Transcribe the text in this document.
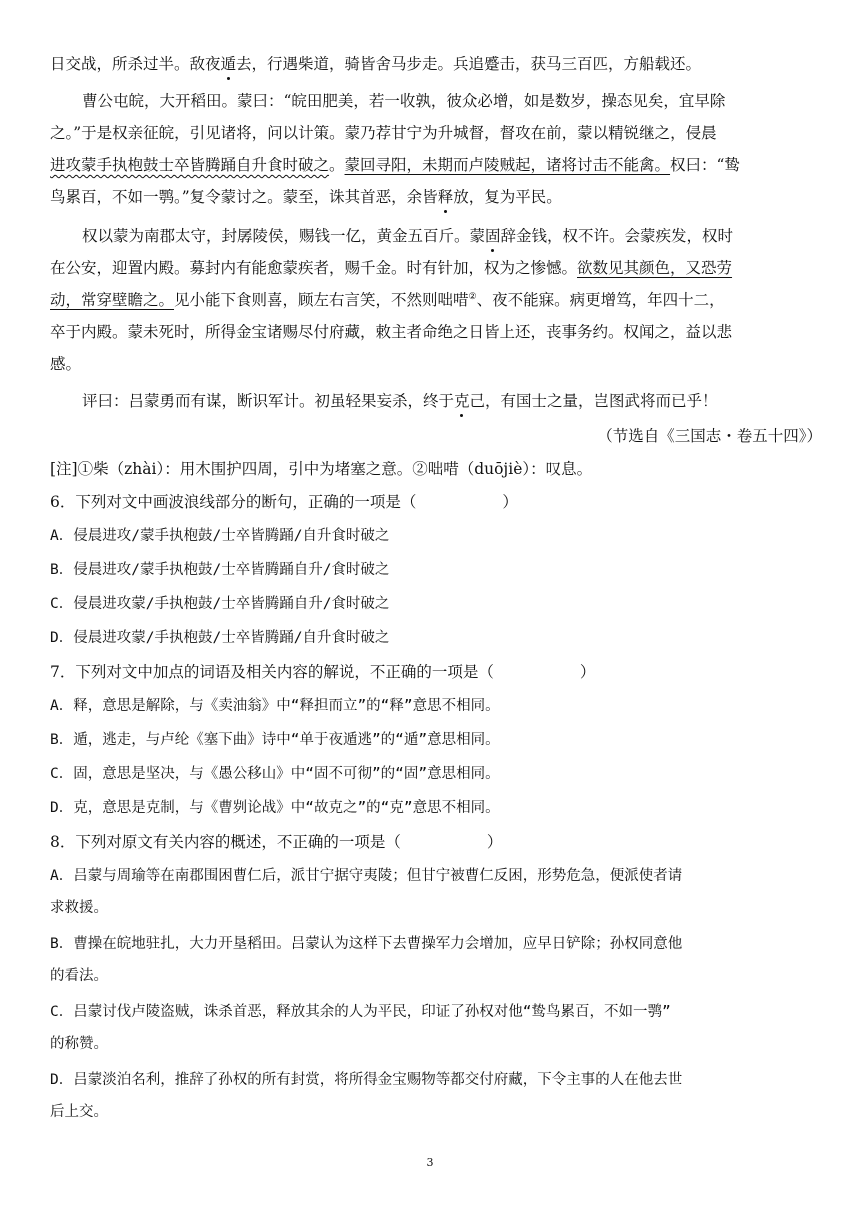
日交战，所杀过半。敌夜遁去，行遇柴道，骑皆舍马步走。兵追蹙击，获马三百匹，方船载还。
曹公屯皖，大开稻田。蒙曰：“皖田肥美，若一收孰，彼众必增，如是数岁，操态见矣，宜早除
之。”于是权亲征皖，引见诸将，问以计策。蒙乃荐甘宁为升城督，督攻在前，蒙以精锐继之，侵晨
进攻蒙手执枹鼓士卒皆腾踊自升食时破之。蒙回寻阳，未期而卢陵贼起，诸将讨击不能禽。权曰：“鸷
鸟累百，不如一鹗。”复令蒙讨之。蒙至，诛其首恶，余皆释放，复为平民。
权以蒙为南郡太守，封孱陵侯，赐钱一亿，黄金五百斤。蒙固辞金钱，权不许。会蒙疾发，权时
在公安，迎置内殿。募封内有能愈蒙疾者，赐千金。时有针加，权为之惨憾。欲数见其颜色，又恐劳
动，常穿壁瞻之。见小能下食则喜，顾左右言笑，不然则咄唶②、夜不能寐。病更增笃，年四十二，
卒于内殿。蒙未死时，所得金宝诸赐尽付府藏，敕主者命绝之日皆上还，丧事务约。权闻之，益以悲
感。
评曰：吕蒙勇而有谋，断识军计。初虽轻果妄杀，终于克己，有国士之量，岂图武将而已乎！
（节选自《三国志・卷五十四》）
[注]①柴（zhài）：用木围护四周，引中为堵塞之意。②咄唶（duōjiè）：叹息。
6．下列对文中画波浪线部分的断句，正确的一项是（	）
A．侵晨进攻/蒙手执枹鼓/士卒皆腾踊/自升食时破之
B．侵晨进攻/蒙手执枹鼓/士卒皆腾踊自升/食时破之
C．侵晨进攻蒙/手执枹鼓/士卒皆腾踊自升/食时破之
D．侵晨进攻蒙/手执枹鼓/士卒皆腾踊/自升食时破之
7．下列对文中加点的词语及相关内容的解说，不正确的一项是（	）
A．释，意思是解除，与《卖油翁》中“释担而立”的“释”意思不相同。
B．遁，逃走，与卢纶《塞下曲》诗中“单于夜遁逃”的“遁”意思相同。
C．固，意思是坚决，与《愚公移山》中“固不可彻”的“固”意思相同。
D．克，意思是克制，与《曹刿论战》中“故克之”的“克”意思不相同。
8．下列对原文有关内容的概述，不正确的一项是（	）
A．吕蒙与周瑜等在南郡围困曹仁后，派甘宁据守夷陵；但甘宁被曹仁反困，形势危急，便派使者请
求救援。
B．曹操在皖地驻扎，大力开垦稻田。吕蒙认为这样下去曹操军力会增加，应早日铲除；孙权同意他
的看法。
C．吕蒙讨伐卢陵盗贼，诛杀首恶，释放其余的人为平民，印证了孙权对他“鸷鸟累百，不如一鹗”
的称赞。
D．吕蒙淡泊名利，推辞了孙权的所有封赏，将所得金宝赐物等都交付府藏，下令主事的人在他去世
后上交。
3
